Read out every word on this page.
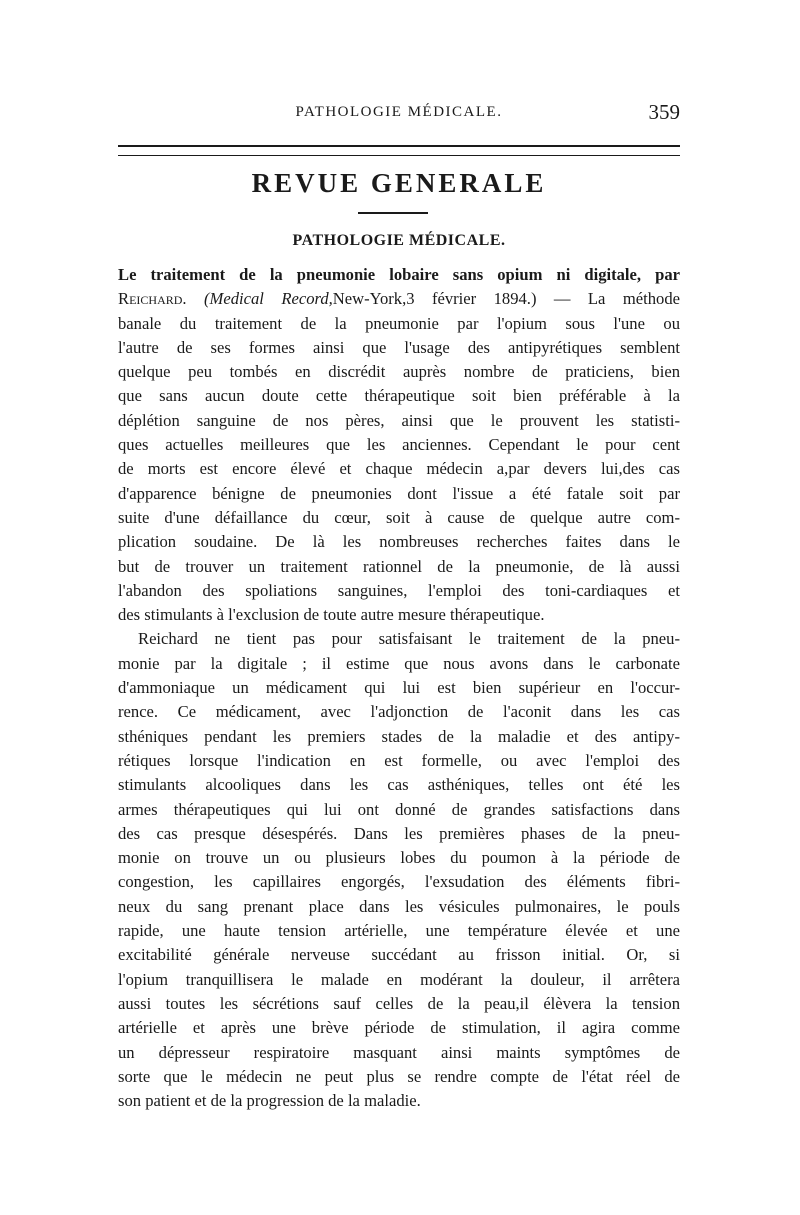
PATHOLOGIE MÉDICALE.	359
REVUE GENERALE
PATHOLOGIE MÉDICALE.
Le traitement de la pneumonie lobaire sans opium ni digitale, par
Reichard. (Medical Record,New-York,3 février 1894.) — La méthode
banale du traitement de la pneumonie par l'opium sous l'une ou
l'autre de ses formes ainsi que l'usage des antipyrétiques semblent
quelque peu tombés en discrédit auprès nombre de praticiens, bien
que sans aucun doute cette thérapeutique soit bien préférable à la
déplétion sanguine de nos pères, ainsi que le prouvent les statisti-
ques actuelles meilleures que les anciennes. Cependant le pour cent
de morts est encore élevé et chaque médecin a,par devers lui,des cas
d'apparence bénigne de pneumonies dont l'issue a été fatale soit par
suite d'une défaillance du cœur, soit à cause de quelque autre com-
plication soudaine. De là les nombreuses recherches faites dans le
but de trouver un traitement rationnel de la pneumonie, de là aussi
l'abandon des spoliations sanguines, l'emploi des toni-cardiaques et
des stimulants à l'exclusion de toute autre mesure thérapeutique.
Reichard ne tient pas pour satisfaisant le traitement de la pneu-
monie par la digitale ; il estime que nous avons dans le carbonate
d'ammoniaque un médicament qui lui est bien supérieur en l'occur-
rence. Ce médicament, avec l'adjonction de l'aconit dans les cas
sthéniques pendant les premiers stades de la maladie et des antipy-
rétiques lorsque l'indication en est formelle, ou avec l'emploi des
stimulants alcooliques dans les cas asthéniques, telles ont été les
armes thérapeutiques qui lui ont donné de grandes satisfactions dans
des cas presque désespérés. Dans les premières phases de la pneu-
monie on trouve un ou plusieurs lobes du poumon à la période de
congestion, les capillaires engorgés, l'exsudation des éléments fibri-
neux du sang prenant place dans les vésicules pulmonaires, le pouls
rapide, une haute tension artérielle, une température élevée et une
excitabilité générale nerveuse succédant au frisson initial. Or, si
l'opium tranquillisera le malade en modérant la douleur, il arrêtera
aussi toutes les sécrétions sauf celles de la peau,il élèvera la tension
artérielle et après une brève période de stimulation, il agira comme
un dépresseur respiratoire masquant ainsi maints symptômes de
sorte que le médecin ne peut plus se rendre compte de l'état réel de
son patient et de la progression de la maladie.
